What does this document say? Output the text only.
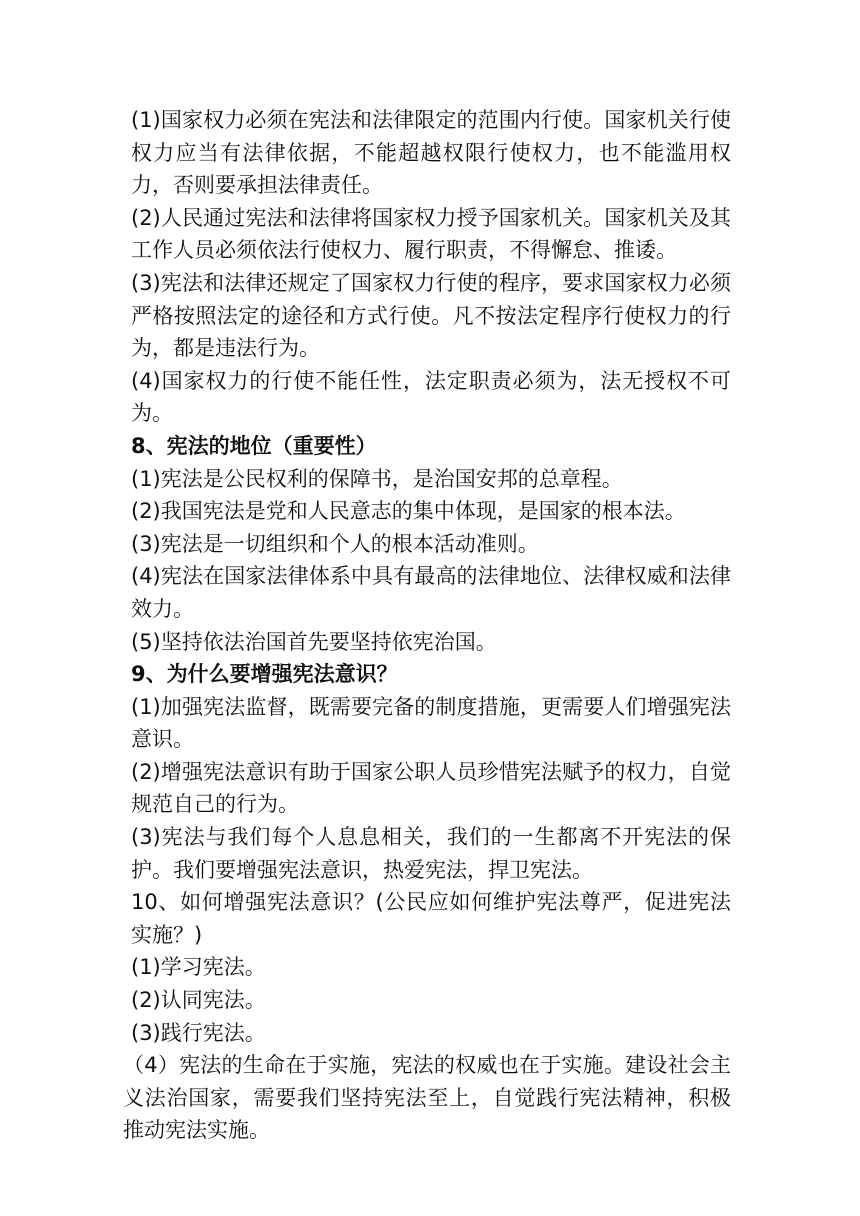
(1)国家权力必须在宪法和法律限定的范围内行使。国家机关行使权力应当有法律依据，不能超越权限行使权力，也不能滥用权力，否则要承担法律责任。

(2)人民通过宪法和法律将国家权力授予国家机关。国家机关及其工作人员必须依法行使权力、履行职责，不得懈怠、推诿。

(3)宪法和法律还规定了国家权力行使的程序，要求国家权力必须严格按照法定的途径和方式行使。凡不按法定程序行使权力的行为，都是违法行为。

(4)国家权力的行使不能任性，法定职责必须为，法无授权不可为。

8、宪法的地位（重要性）

(1)宪法是公民权利的保障书，是治国安邦的总章程。

(2)我国宪法是党和人民意志的集中体现，是国家的根本法。

(3)宪法是一切组织和个人的根本活动准则。

(4)宪法在国家法律体系中具有最高的法律地位、法律权威和法律效力。

(5)坚持依法治国首先要坚持依宪治国。

9、为什么要增强宪法意识？

(1)加强宪法监督，既需要完备的制度措施，更需要人们增强宪法意识。

(2)增强宪法意识有助于国家公职人员珍惜宪法赋予的权力，自觉规范自己的行为。

(3)宪法与我们每个人息息相关，我们的一生都离不开宪法的保护。我们要增强宪法意识，热爱宪法，捍卫宪法。

10、如何增强宪法意识？(公民应如何维护宪法尊严，促进宪法实施？)

(1)学习宪法。

(2)认同宪法。

(3)践行宪法。

（4）宪法的生命在于实施，宪法的权威也在于实施。建设社会主义法治国家，需要我们坚持宪法至上，自觉践行宪法精神，积极推动宪法实施。
